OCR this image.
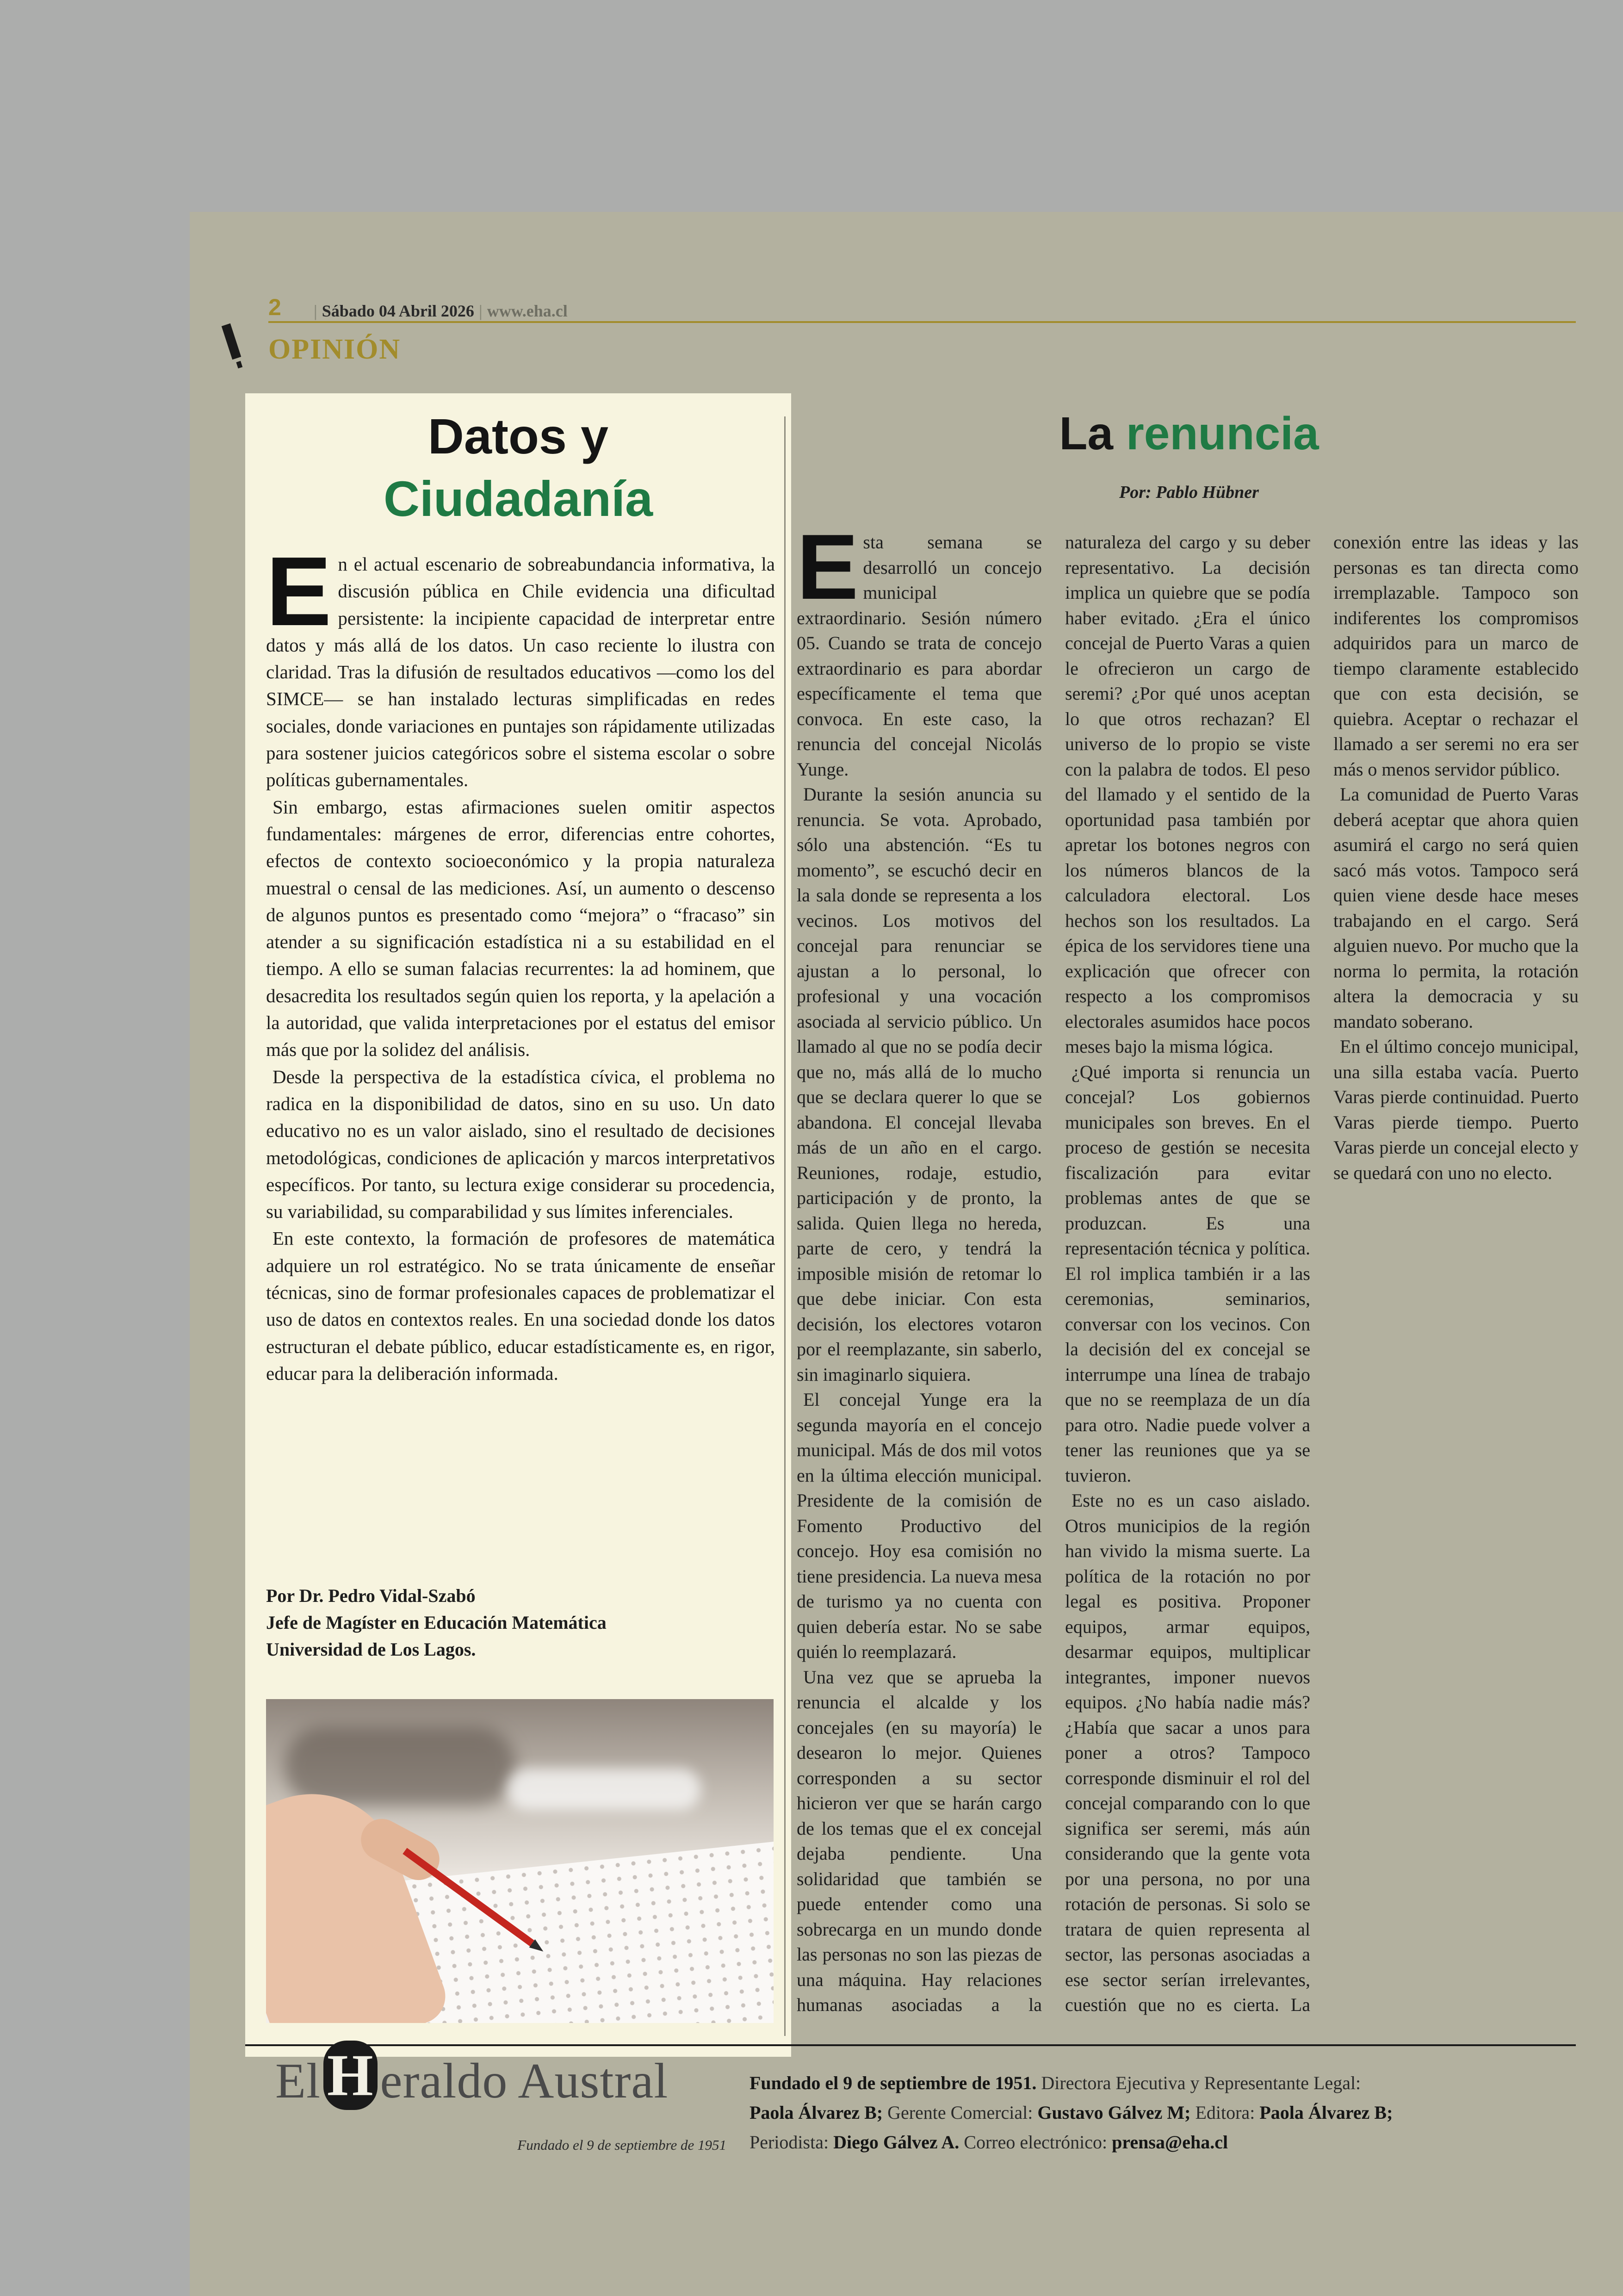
2 | Sábado 04 Abril 2026 | www.eha.cl
OPINIÓN
Datos y
Ciudadanía

En el actual escenario de sobreabundancia informativa, la discusión pública en Chile evidencia una dificultad persistente: la incipiente capacidad de interpretar entre datos y más allá de los datos. Un caso reciente lo ilustra con claridad. Tras la difusión de resultados educativos —como los del SIMCE— se han instalado lecturas simplificadas en redes sociales, donde variaciones en puntajes son rápidamente utilizadas para sostener juicios categóricos sobre el sistema escolar o sobre políticas gubernamentales.

Sin embargo, estas afirmaciones suelen omitir aspectos fundamentales: márgenes de error, diferencias entre cohortes, efectos de contexto socioeconómico y la propia naturaleza muestral o censal de las mediciones. Así, un aumento o descenso de algunos puntos es presentado como “mejora” o “fracaso” sin atender a su significación estadística ni a su estabilidad en el tiempo. A ello se suman falacias recurrentes: la ad hominem, que desacredita los resultados según quien los reporta, y la apelación a la autoridad, que valida interpretaciones por el estatus del emisor más que por la solidez del análisis.

Desde la perspectiva de la estadística cívica, el problema no radica en la disponibilidad de datos, sino en su uso. Un dato educativo no es un valor aislado, sino el resultado de decisiones metodológicas, condiciones de aplicación y marcos interpretativos específicos. Por tanto, su lectura exige considerar su procedencia, su variabilidad, su comparabilidad y sus límites inferenciales.

En este contexto, la formación de profesores de matemática adquiere un rol estratégico. No se trata únicamente de enseñar técnicas, sino de formar profesionales capaces de problematizar el uso de datos en contextos reales. En una sociedad donde los datos estructuran el debate público, educar estadísticamente es, en rigor, educar para la deliberación informada.

Por Dr. Pedro Vidal-Szabó
Jefe de Magíster en Educación Matemática
Universidad de Los Lagos.
La renuncia
Por: Pablo Hübner

Esta semana se desarrolló un concejo municipal extraordinario. Sesión número 05. Cuando se trata de concejo extraordinario es para abordar específicamente el tema que convoca. En este caso, la renuncia del concejal Nicolás Yunge.

Durante la sesión anuncia su renuncia. Se vota. Aprobado, sólo una abstención. “Es tu momento”, se escuchó decir en la sala donde se representa a los vecinos. Los motivos del concejal para renunciar se ajustan a lo personal, lo profesional y una vocación asociada al servicio público. Un llamado al que no se podía decir que no, más allá de lo mucho que se declara querer lo que se abandona. El concejal llevaba más de un año en el cargo. Reuniones, rodaje, estudio, participación y de pronto, la salida. Quien llega no hereda, parte de cero, y tendrá la imposible misión de retomar lo que debe iniciar. Con esta decisión, los electores votaron por el reemplazante, sin saberlo, sin imaginarlo siquiera.

El concejal Yunge era la segunda mayoría en el concejo municipal. Más de dos mil votos en la última elección municipal. Presidente de la comisión de Fomento Productivo del concejo. Hoy esa comisión no tiene presidencia. La nueva mesa de turismo ya no cuenta con quien debería estar. No se sabe quién lo reemplazará.

Una vez que se aprueba la renuncia el alcalde y los concejales (en su mayoría) le desearon lo mejor. Quienes corresponden a su sector hicieron ver que se harán cargo de los temas que el ex concejal dejaba pendiente. Una solidaridad que también se puede entender como una sobrecarga en un mundo donde las personas no son las piezas de una máquina. Hay relaciones humanas asociadas a la naturaleza del cargo y su deber representativo. La decisión implica un quiebre que se podía haber evitado. ¿Era el único concejal de Puerto Varas a quien le ofrecieron un cargo de seremi? ¿Por qué unos aceptan lo que otros rechazan? El universo de lo propio se viste con la palabra de todos. El peso del llamado y el sentido de la oportunidad pasa también por apretar los botones negros con los números blancos de la calculadora electoral. Los hechos son los resultados. La épica de los servidores tiene una explicación que ofrecer con respecto a los compromisos electorales asumidos hace pocos meses bajo la misma lógica.

¿Qué importa si renuncia un concejal? Los gobiernos municipales son breves. En el proceso de gestión se necesita fiscalización para evitar problemas antes de que se produzcan. Es una representación técnica y política. El rol implica también ir a las ceremonias, seminarios, conversar con los vecinos. Con la decisión del ex concejal se interrumpe una línea de trabajo que no se reemplaza de un día para otro. Nadie puede volver a tener las reuniones que ya se tuvieron.

Este no es un caso aislado. Otros municipios de la región han vivido la misma suerte. La política de la rotación no por legal es positiva. Proponer equipos, armar equipos, desarmar equipos, multiplicar integrantes, imponer nuevos equipos. ¿No había nadie más? ¿Había que sacar a unos para poner a otros? Tampoco corresponde disminuir el rol del concejal comparando con lo que significa ser seremi, más aún considerando que la gente vota por una persona, no por una rotación de personas. Si solo se tratara de quien representa al sector, las personas asociadas a ese sector serían irrelevantes, cuestión que no es cierta. La conexión entre las ideas y las personas es tan directa como irremplazable. Tampoco son indiferentes los compromisos adquiridos para un marco de tiempo claramente establecido que con esta decisión, se quiebra. Aceptar o rechazar el llamado a ser seremi no era ser más o menos servidor público.

La comunidad de Puerto Varas deberá aceptar que ahora quien asumirá el cargo no será quien sacó más votos. Tampoco será quien viene desde hace meses trabajando en el cargo. Será alguien nuevo. Por mucho que la norma lo permita, la rotación altera la democracia y su mandato soberano.

En el último concejo municipal, una silla estaba vacía. Puerto Varas pierde continuidad. Puerto Varas pierde tiempo. Puerto Varas pierde un concejal electo y se quedará con uno no electo.

El H eraldo Austral
Fundado el 9 de septiembre de 1951
Fundado el 9 de septiembre de 1951. Directora Ejecutiva y Representante Legal:
Paola Álvarez B; Gerente Comercial: Gustavo Gálvez M; Editora: Paola Álvarez B;
Periodista: Diego Gálvez A. Correo electrónico: prensa@eha.cl
